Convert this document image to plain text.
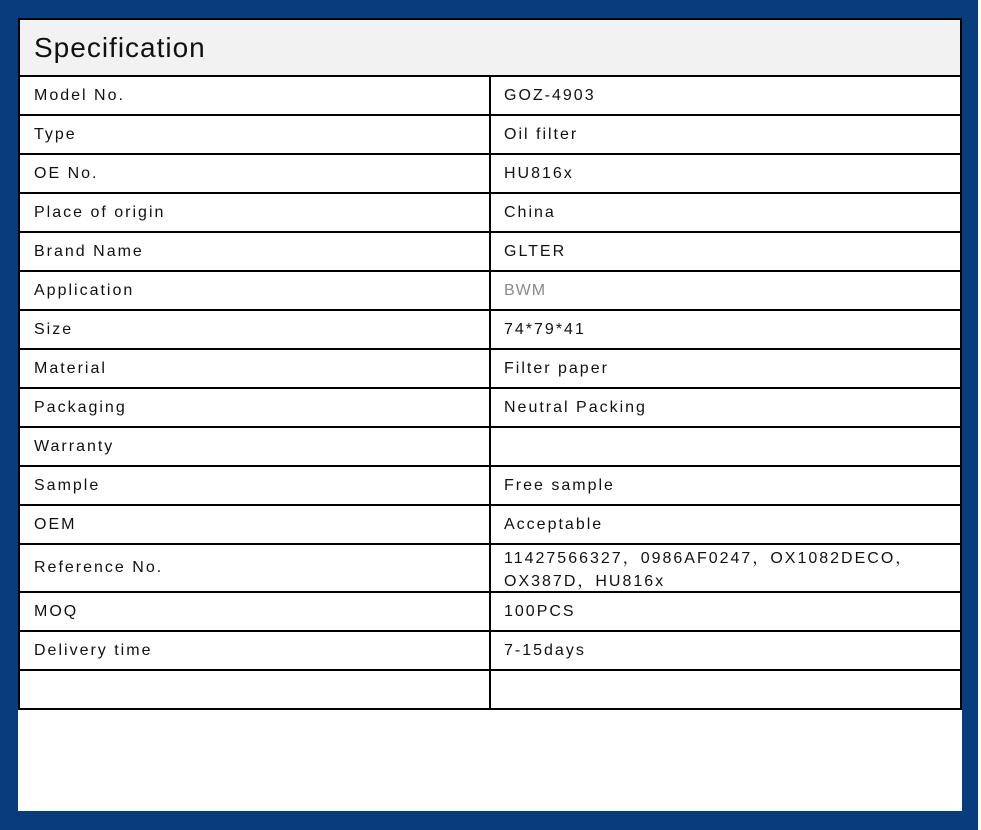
Specification	
Model No.	GOZ-4903
Type	Oil filter
OE No.	HU816x
Place of origin	China
Brand Name	GLTER
Application	BWM
Size	74*79*41
Material	Filter paper
Packaging	Neutral Packing
Warranty	
Sample	Free sample
OEM	Acceptable
Reference No.	11427566327，0986AF0247，OX1082DECO，OX387D，HU816x
MOQ	100PCS
Delivery time	7-15days
